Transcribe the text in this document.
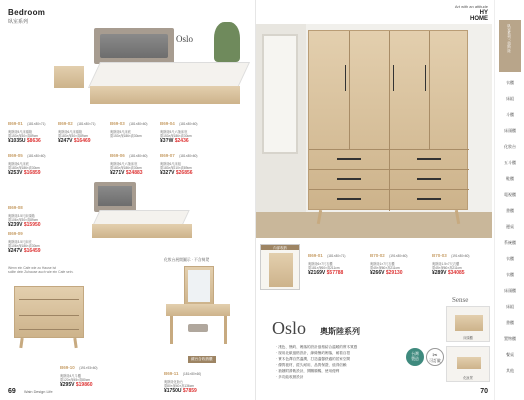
Bedroom
臥室系列
Oslo
B69-01 (181×80×71)
奧斯陸5尺床頭箱
寬153×深30×高89cm
¥1035U $8636
B69-02 (181×80×71)
奧斯陸6尺床頭箱
寬183×深30×高89cm
¥247V $16469
B69-03 (181×80×60)
奧斯陸5尺床底
寬153×深186×高30cm
B69-04 (181×80×60)
奧斯陸5尺六抽床底
寬153×深186×高30cm
¥3?W $2436
B69-05 (181×80×60)
奧斯陸6尺床底
寬183×深186×高30cm
¥253V $16859
B69-06 (181×80×60)
奧斯陸6尺六抽床底
寬183×深186×高30cm
¥271V $24883
B69-07 (181×80×60)
奧斯陸6尺床組
寬183×深210×高89cm
¥327V $26856
B69-08
奧斯陸3.5尺床頭箱
寬106×深30×高89cm
¥239V $15950
B69-09
奧斯陸3.5尺床底
寬106×深186×高30cm
¥247V $16459
Wenn ein Cafe wie zu Hause ist
sollte dein Zuhause auch wie ein Cafe sein.
化妝台展開圖示 · 不含椅凳
鏡台含收納櫃
B69-10 (191×93×60)
奧斯陸4尺斗櫃
寬120×深45×高80cm
¥295V $19860
B69-11 (181×80×60)
奧斯陸化妝台
寬80×深40×高136cm
¥1750U $7859
69 Wain Design Life
Art with an attitude
HY
HOME
內部收納
B69-01 (181×80×71)
奧斯陸6×7尺衣櫃
寬181×深60×高211cm
¥2169V $57788
B70-02 (191×80×60)
奧斯陸1×7尺衣櫃
寬45×深60×高211cm
¥266V $29130
B70-03 (191×80×60)
奧斯陸1.5×7尺衣櫃
寬45×深60×高211cm
¥289V $34085
Sense
床頭櫃
化妝凳
Oslo 奧斯陸系列
· 淺色、簡約、俐落的設計風格結合溫暖的實木質感
· 採用北歐風格設計，線條簡約俐落，耐看百搭
· 實木色澤自然溫潤，打造溫馨舒適的居家空間
· 優質板材，經久耐用，品質保證，值得信賴
· 抽屜附滑軌設計，開關順暢，使用便利
· 多功能收納設計
台灣
製造	✂
可訂做
70
臥室系列 / 奧斯陸
衣櫃
床組
斗櫃
床頭櫃
化妝台
五斗櫃
鞋櫃
電視櫃
書櫃
邊桌
系統櫃
衣櫃
衣櫃
床頭櫃
床組
書櫃
置物櫃
餐桌
其他
